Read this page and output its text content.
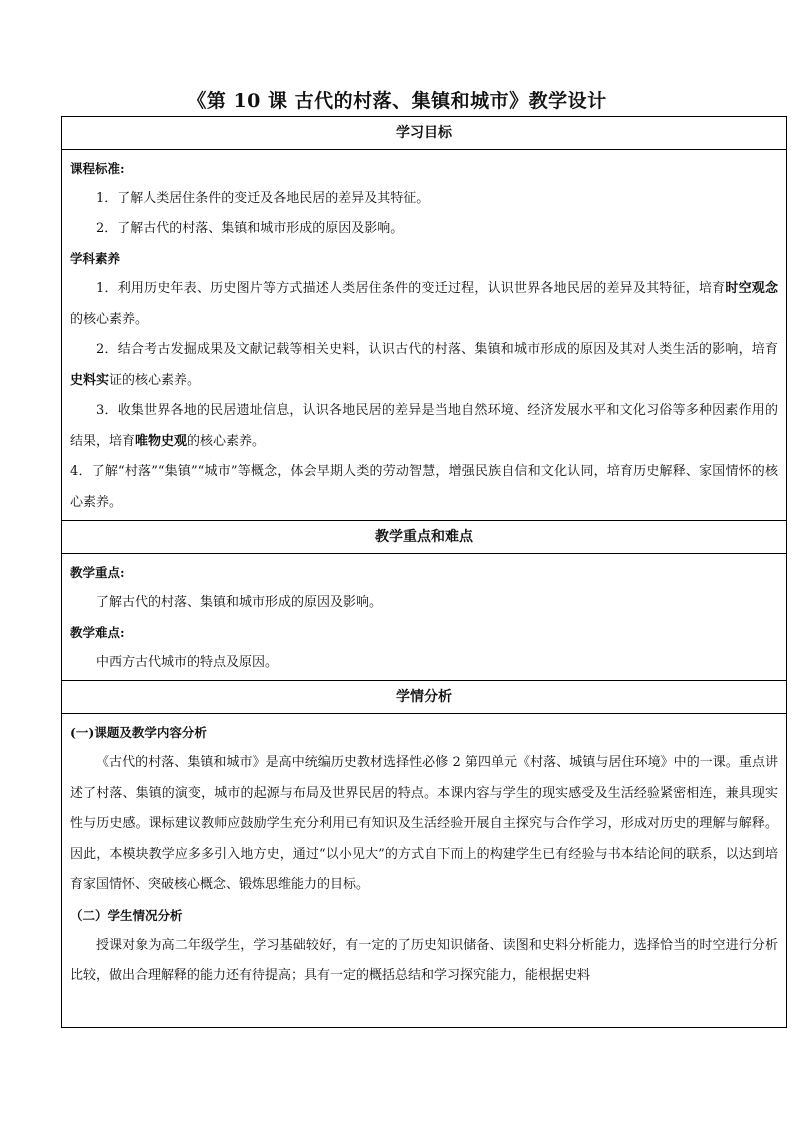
《第 10 课 古代的村落、集镇和城市》教学设计
学习目标
课程标准:
1．了解人类居住条件的变迁及各地民居的差异及其特征。
2．了解古代的村落、集镇和城市形成的原因及影响。
学科素养
1．利用历史年表、历史图片等方式描述人类居住条件的变迁过程，认识世界各地民居的差异及其特征，培育时空观念的核心素养。
2．结合考古发掘成果及文献记载等相关史料，认识古代的村落、集镇和城市形成的原因及其对人类生活的影响，培育史料实证的核心素养。
3．收集世界各地的民居遗址信息，认识各地民居的差异是当地自然环境、经济发展水平和文化习俗等多种因素作用的结果，培育唯物史观的核心素养。
4．了解“村落”“集镇”“城市”等概念，体会早期人类的劳动智慧，增强民族自信和文化认同，培育历史解释、家国情怀的核心素养。
教学重点和难点
教学重点:
了解古代的村落、集镇和城市形成的原因及影响。
教学难点:
中西方古代城市的特点及原因。
学情分析
(一)课题及教学内容分析
《古代的村落、集镇和城市》是高中统编历史教材选择性必修 2 第四单元《村落、城镇与居住环境》中的一课。重点讲述了村落、集镇的演变，城市的起源与布局及世界民居的特点。本课内容与学生的现实感受及生活经验紧密相连，兼具现实性与历史感。课标建议教师应鼓励学生充分利用已有知识及生活经验开展自主探究与合作学习，形成对历史的理解与解释。因此，本模块教学应多多引入地方史，通过“以小见大”的方式自下而上的构建学生已有经验与书本结论间的联系，以达到培育家国情怀、突破核心概念、锻炼思维能力的目标。
（二）学生情况分析
授课对象为高二年级学生，学习基础较好，有一定的了历史知识储备、读图和史料分析能力，选择恰当的时空进行分析比较，做出合理解释的能力还有待提高；具有一定的概括总结和学习探究能力，能根据史料
